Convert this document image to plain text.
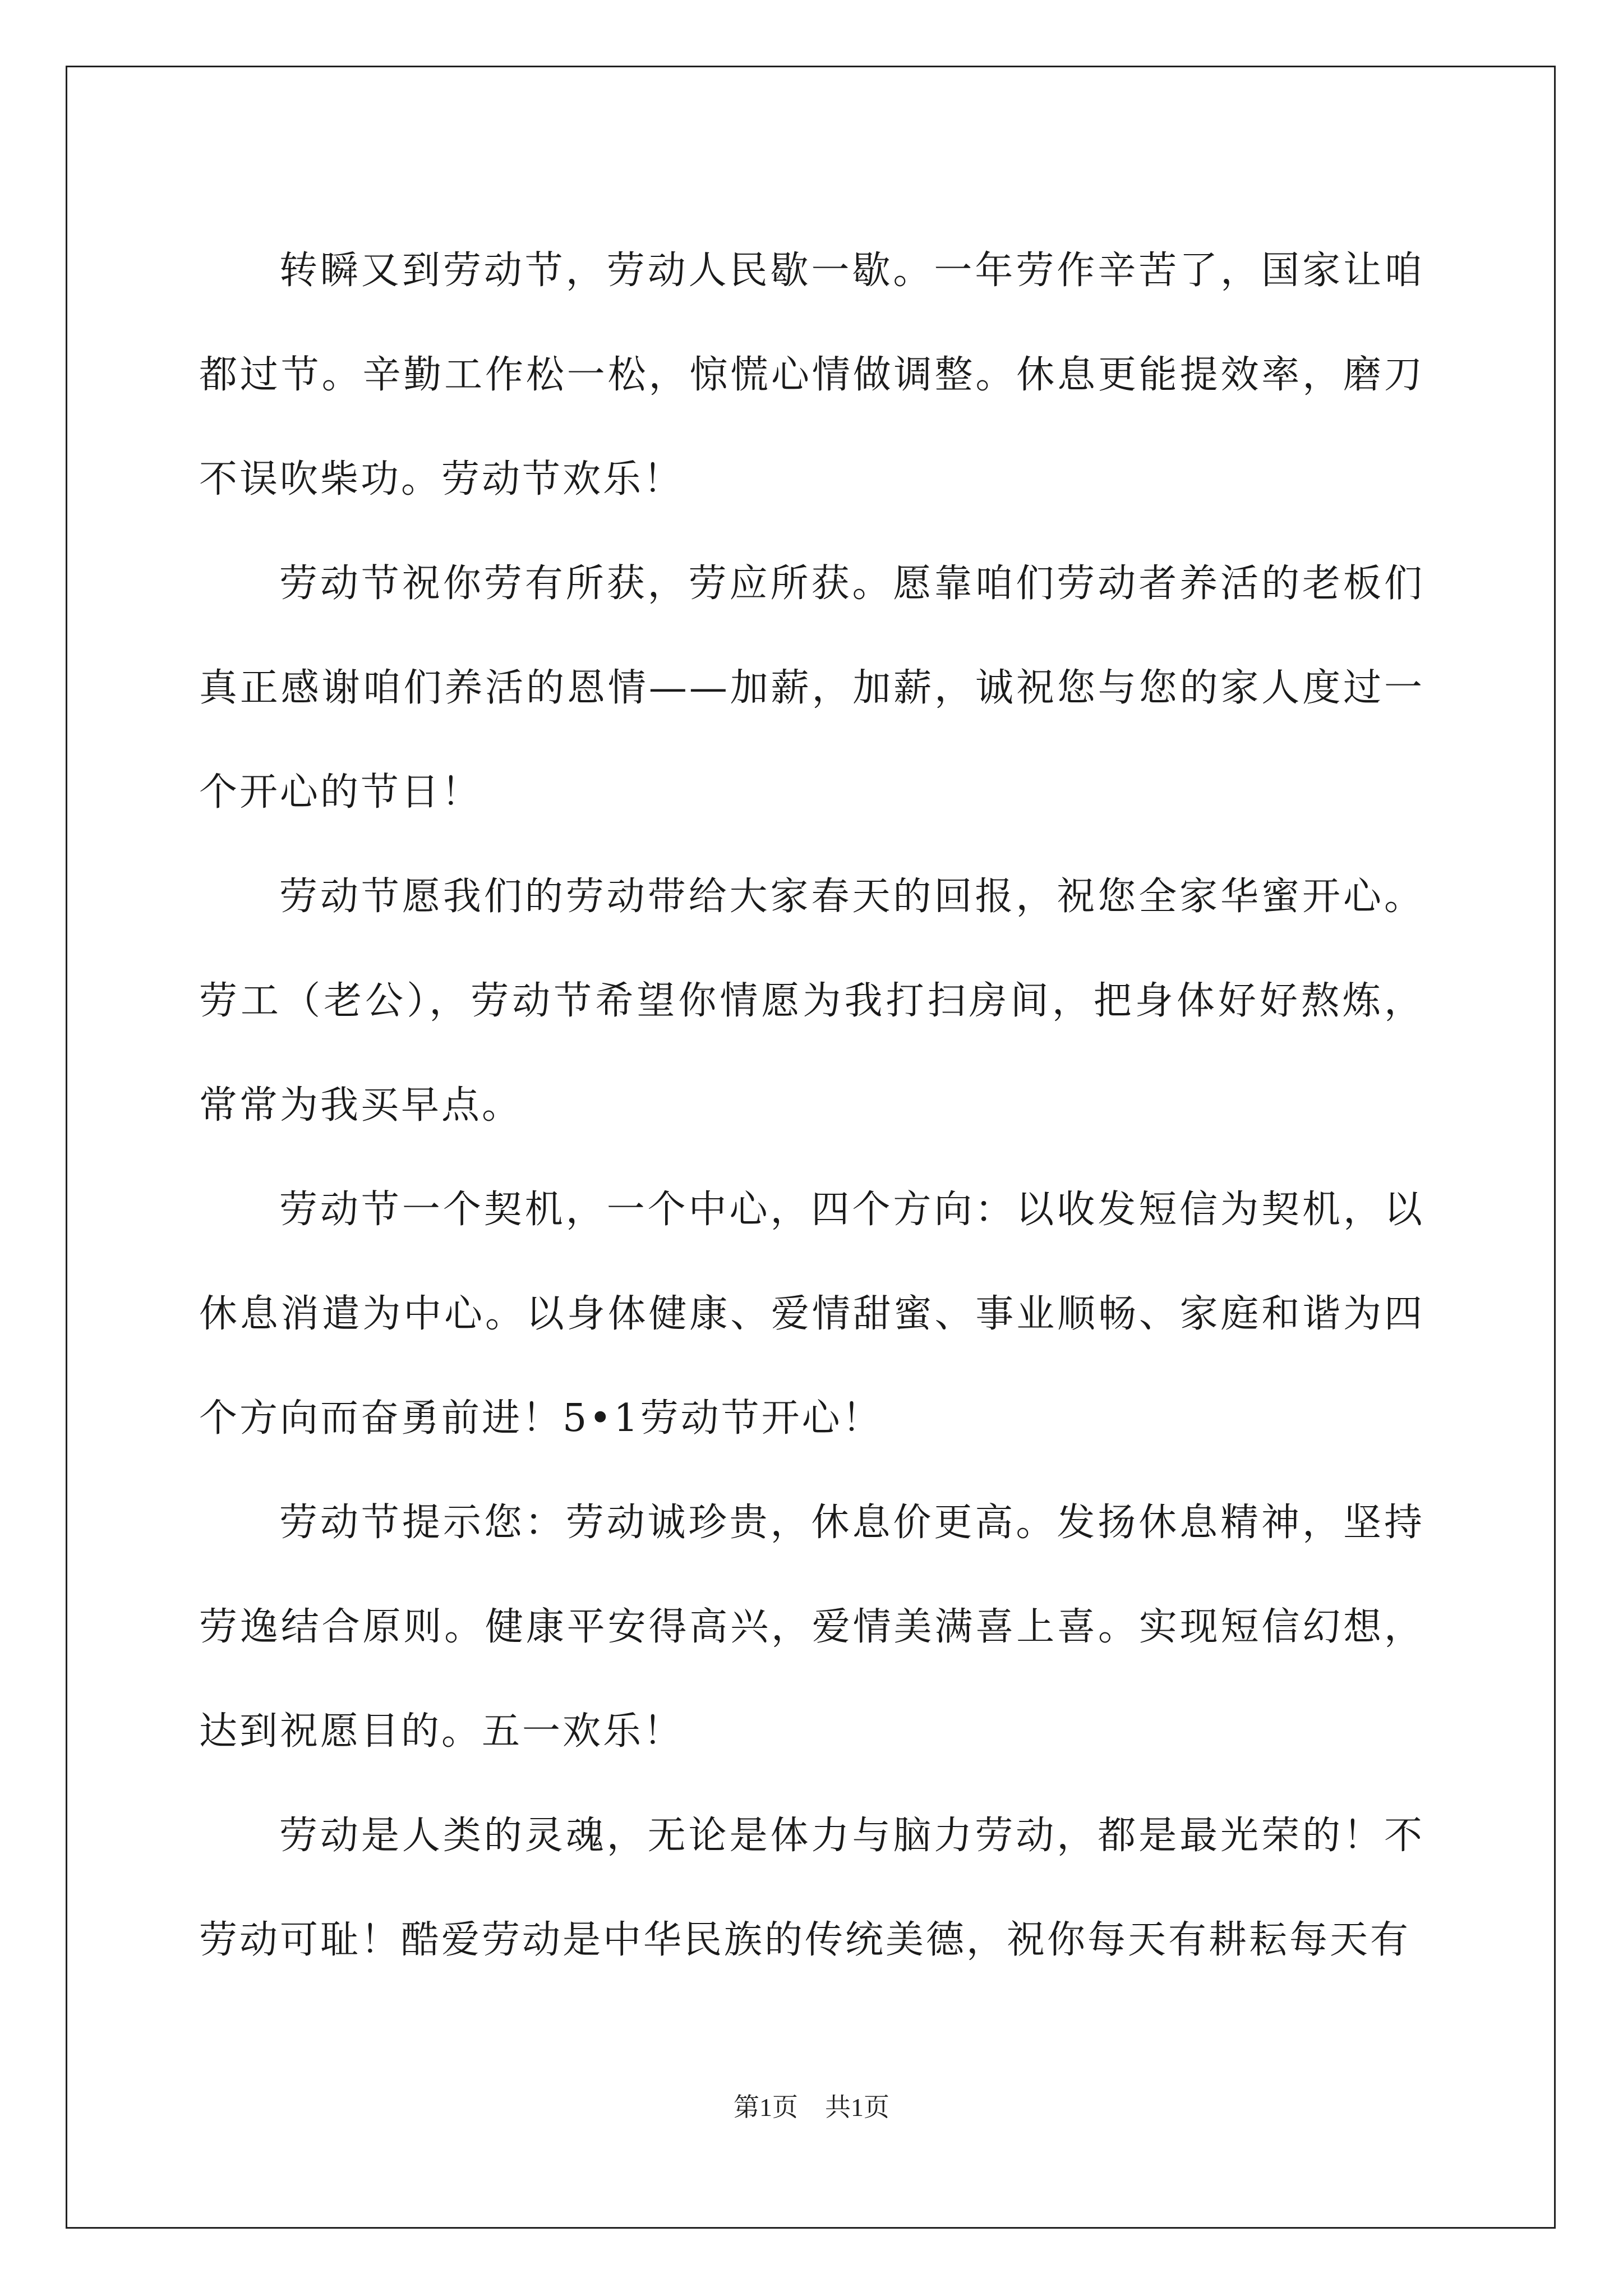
转瞬又到劳动节，劳动人民歇一歇。一年劳作辛苦了，国家让咱都过节。辛勤工作松一松，惊慌心情做调整。休息更能提效率，磨刀不误吹柴功。劳动节欢乐！

劳动节祝你劳有所获，劳应所获。愿靠咱们劳动者养活的老板们真正感谢咱们养活的恩情——加薪，加薪，诚祝您与您的家人度过一个开心的节日！

劳动节愿我们的劳动带给大家春天的回报，祝您全家华蜜开心。劳工（老公），劳动节希望你情愿为我打扫房间，把身体好好熬炼，常常为我买早点。

劳动节一个契机，一个中心，四个方向：以收发短信为契机，以休息消遣为中心。以身体健康、爱情甜蜜、事业顺畅、家庭和谐为四个方向而奋勇前进！5•1劳动节开心！

劳动节提示您：劳动诚珍贵，休息价更高。发扬休息精神，坚持劳逸结合原则。健康平安得高兴，爱情美满喜上喜。实现短信幻想，达到祝愿目的。五一欢乐！

劳动是人类的灵魂，无论是体力与脑力劳动，都是最光荣的！不劳动可耻！酷爱劳动是中华民族的传统美德，祝你每天有耕耘每天有

第1页 共1页
